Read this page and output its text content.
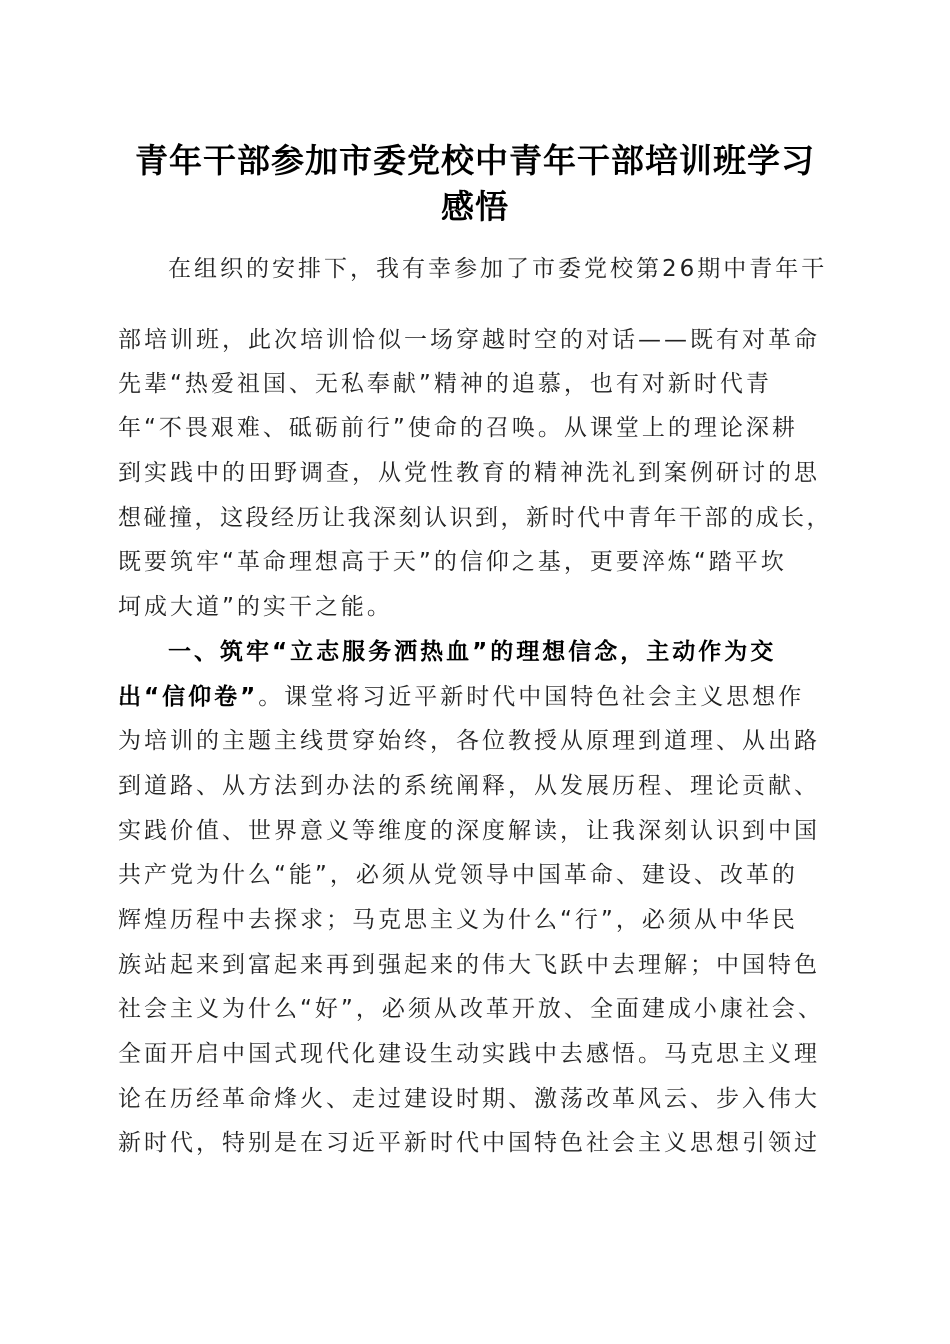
青年干部参加市委党校中青年干部培训班学习
感悟
在组织的安排下，我有幸参加了市委党校第26期中青年干
部培训班，此次培训恰似一场穿越时空的对话——既有对革命
先辈“热爱祖国、无私奉献”精神的追慕，也有对新时代青
年“不畏艰难、砥砺前行”使命的召唤。从课堂上的理论深耕
到实践中的田野调查，从党性教育的精神洗礼到案例研讨的思
想碰撞，这段经历让我深刻认识到，新时代中青年干部的成长，
既要筑牢“革命理想高于天”的信仰之基，更要淬炼“踏平坎
坷成大道”的实干之能。
一、筑牢“立志服务洒热血”的理想信念，主动作为交
出“信仰卷”。课堂将习近平新时代中国特色社会主义思想作
为培训的主题主线贯穿始终，各位教授从原理到道理、从出路
到道路、从方法到办法的系统阐释，从发展历程、理论贡献、
实践价值、世界意义等维度的深度解读，让我深刻认识到中国
共产党为什么“能”，必须从党领导中国革命、建设、改革的
辉煌历程中去探求；马克思主义为什么“行”，必须从中华民
族站起来到富起来再到强起来的伟大飞跃中去理解；中国特色
社会主义为什么“好”，必须从改革开放、全面建成小康社会、
全面开启中国式现代化建设生动实践中去感悟。马克思主义理
论在历经革命烽火、走过建设时期、激荡改革风云、步入伟大
新时代，特别是在习近平新时代中国特色社会主义思想引领过
